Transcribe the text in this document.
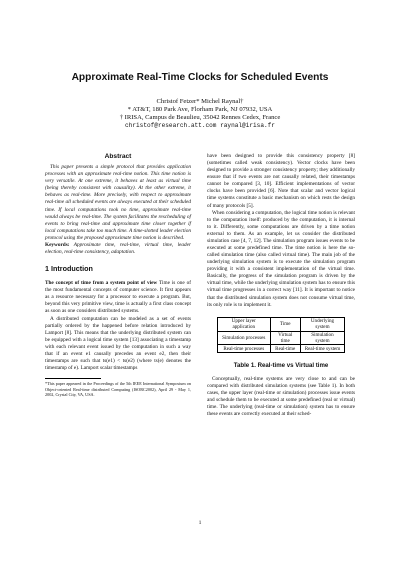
Approximate Real-Time Clocks for Scheduled Events
Christof Fetzer* Michel Raynal†
* AT&T, 180 Park Ave, Florham Park, NJ 07932, USA
† IRISA, Campus de Beaulieu, 35042 Rennes Cedex, France
christof@research.att.com raynal@irisa.fr
Abstract
This paper presents a simple protocol that provides application processes with an approximate real-time notion. This time notion is very versatile. At one extreme, it behaves at least as virtual time (being thereby consistent with causality). At the other extreme, it behaves as real-time. More precisely, with respect to approximate real-time all scheduled events are always executed at their scheduled time. If local computations took no time, approximate real-time would always be real-time. The system facilitates the rescheduling of events to bring real-time and approximate time closer together if local computations take too much time. A time-slotted leader election protocol using the proposed approximate time notion is described.
Keywords: Approximate time, real-time, virtual time, leader election, real-time consistency, adaptation.
1 Introduction
The concept of time from a system point of view Time is one of the most fundamental concepts of computer science. It first appears as a resource necessary for a processor to execute a program. But, beyond this very primitive view, time is actually a first class concept as soon as one considers distributed systems.
A distributed computation can be modeled as a set of events partially ordered by the happened before relation introduced by Lamport [8]. This means that the underlying distributed system can be equipped with a logical time system [13] associating a timestamp with each relevant event issued by the computation in such a way that if an event e1 causally precedes an event e2, then their timestamps are such that ts(e1) < ts(e2) (where ts(e) denotes the timestamp of e). Lamport scalar timestamps
*This paper appeared in the Proceedings of the 5th IEEE International Symposium on Object-oriented Real-time distributed Computing (ISORC2002), April 29 - May 1, 2002, Crystal City, VA, USA.
have been designed to provide this consistency property [8] (sometimes called weak consistency). Vector clocks have been designed to provide a stronger consistency property; they additionally ensure that if two events are not causally related, their timestamps cannot be compared [3, 10]. Efficient implementations of vector clocks have been provided [6]. Note that scalar and vector logical time systems constitute a basic mechanism on which rests the design of many protocols [5].
When considering a computation, the logical time notion is relevant to the computation itself: produced by the computation, it is internal to it. Differently, some computations are driven by a time notion external to them. As an example, let us consider the distributed simulation case [4, 7, 12]. The simulation program issues events to be executed at some predefined time. The time notion is here the so-called simulation time (also called virtual time). The main job of the underlying simulation system is to execute the simulation program providing it with a consistent implementation of the virtual time. Basically, the progress of the simulation program is driven by the virtual time, while the underlying simulation system has to ensure this virtual time progresses in a correct way [11]. It is important to notice that the distributed simulation system does not consume virtual time, its only role is to implement it.
Upper layer application	Time	Underlying system
Simulation processes	Virtual time	Simulation system
Real-time processes	Real-time	Real-time system
Table 1. Real-time vs Virtual time
Conceptually, real-time systems are very close to and can be compared with distributed simulation systems (see Table 1). In both cases, the upper layer (real-time or simulation) processes issue events and schedule them to be executed at some predefined (real or virtual) time. The underlying (real-time or simulation) system has to ensure these events are correctly executed at their sched-
1
